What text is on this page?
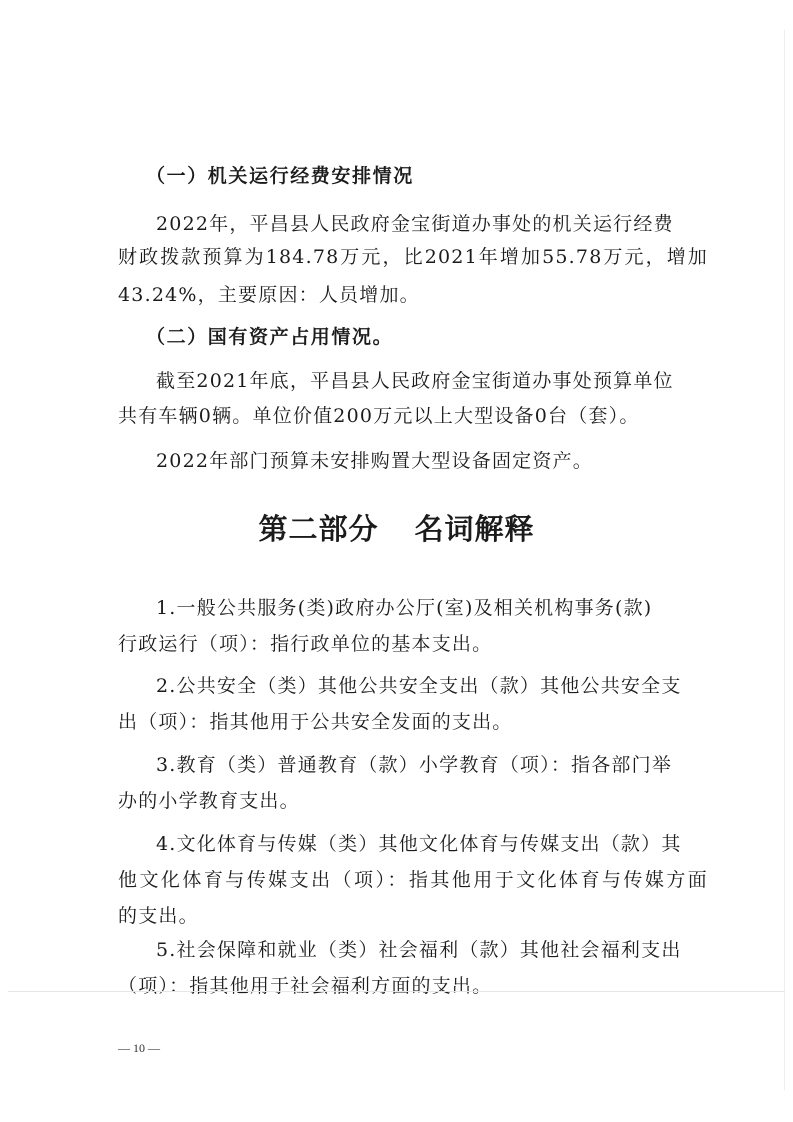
（一）机关运行经费安排情况
2022年，平昌县人民政府金宝街道办事处的机关运行经费
财政拨款预算为184.78万元，比2021年增加55.78万元，增加
43.24%，主要原因：人员增加。
（二）国有资产占用情况。
截至2021年底，平昌县人民政府金宝街道办事处预算单位
共有车辆0辆。单位价值200万元以上大型设备0台（套）。
2022年部门预算未安排购置大型设备固定资产。
第二部分 名词解释
1.一般公共服务(类)政府办公厅(室)及相关机构事务(款)
行政运行（项）：指行政单位的基本支出。
2.公共安全（类）其他公共安全支出（款）其他公共安全支
出（项）：指其他用于公共安全发面的支出。
3.教育（类）普通教育（款）小学教育（项）：指各部门举
办的小学教育支出。
4.文化体育与传媒（类）其他文化体育与传媒支出（款）其
他文化体育与传媒支出（项）：指其他用于文化体育与传媒方面
的支出。
5.社会保障和就业（类）社会福利（款）其他社会福利支出
（项）：指其他用于社会福利方面的支出。
— 10 —
